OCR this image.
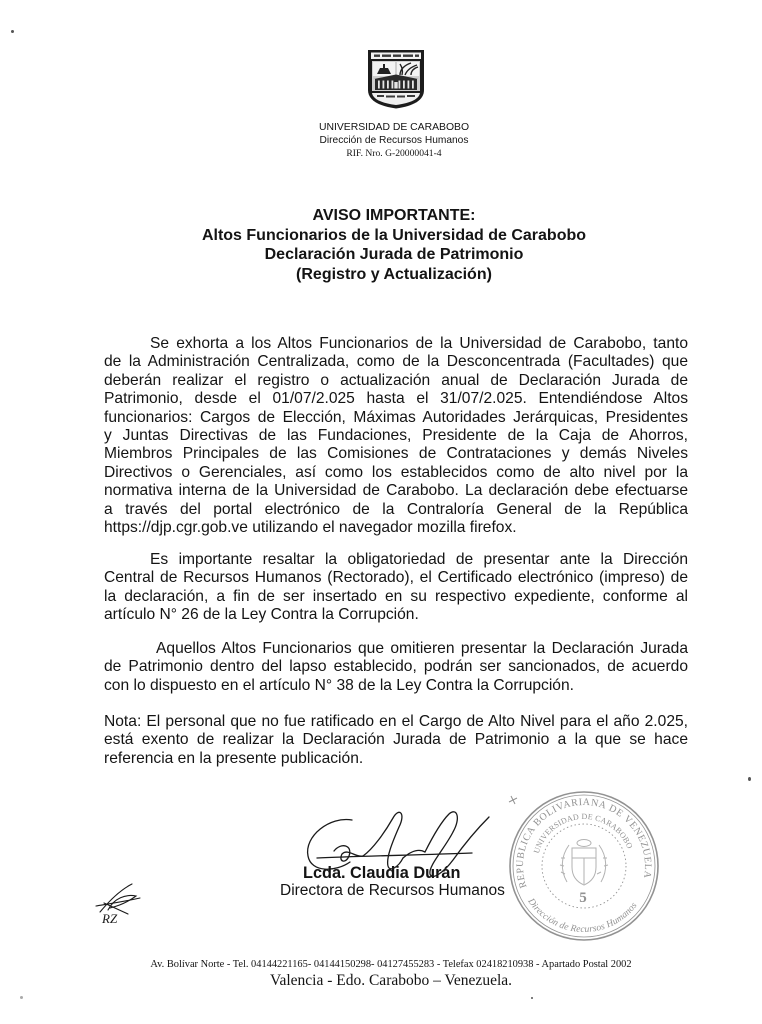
UNIVERSIDAD DE CARABOBO
Dirección de Recursos Humanos
RIF. Nro. G-20000041-4
AVISO IMPORTANTE:
Altos Funcionarios de la Universidad de Carabobo
Declaración Jurada de Patrimonio
(Registro y Actualización)
Se exhorta a los Altos Funcionarios de la Universidad de Carabobo, tanto
de la Administración Centralizada, como de la Desconcentrada (Facultades) que
deberán realizar el registro o actualización anual de Declaración Jurada de
Patrimonio, desde el 01/07/2.025 hasta el 31/07/2.025. Entendiéndose Altos
funcionarios: Cargos de Elección, Máximas Autoridades Jerárquicas, Presidentes
y Juntas Directivas de las Fundaciones, Presidente de la Caja de Ahorros,
Miembros Principales de las Comisiones de Contrataciones y demás Niveles
Directivos o Gerenciales, así como los establecidos como de alto nivel por la
normativa interna de la Universidad de Carabobo. La declaración debe efectuarse
a través del portal electrónico de la Contraloría General de la República
https://djp.cgr.gob.ve utilizando el navegador mozilla firefox.
Es importante resaltar la obligatoriedad de presentar ante la Dirección
Central de Recursos Humanos (Rectorado), el Certificado electrónico (impreso) de
la declaración, a fin de ser insertado en su respectivo expediente, conforme al
artículo N° 26 de la Ley Contra la Corrupción.
Aquellos Altos Funcionarios que omitieren presentar la Declaración Jurada
de Patrimonio dentro del lapso establecido, podrán ser sancionados, de acuerdo
con lo dispuesto en el artículo N° 38 de la Ley Contra la Corrupción.
Nota: El personal que no fue ratificado en el Cargo de Alto Nivel para el año 2.025,
está exento de realizar la Declaración Jurada de Patrimonio a la que se hace
referencia en la presente publicación.
Lcda. Claudia Durán
Directora de Recursos Humanos REPUBLICA BOLIVARIANA DE VENEZUELA
UNIVERSIDAD DE CARABOBO
Dirección de Recursos Humanos
5
RZ
Av. Bolívar Norte - Tel. 04144221165- 04144150298- 04127455283 - Telefax 02418210938 - Apartado Postal 2002
Valencia - Edo. Carabobo – Venezuela.
